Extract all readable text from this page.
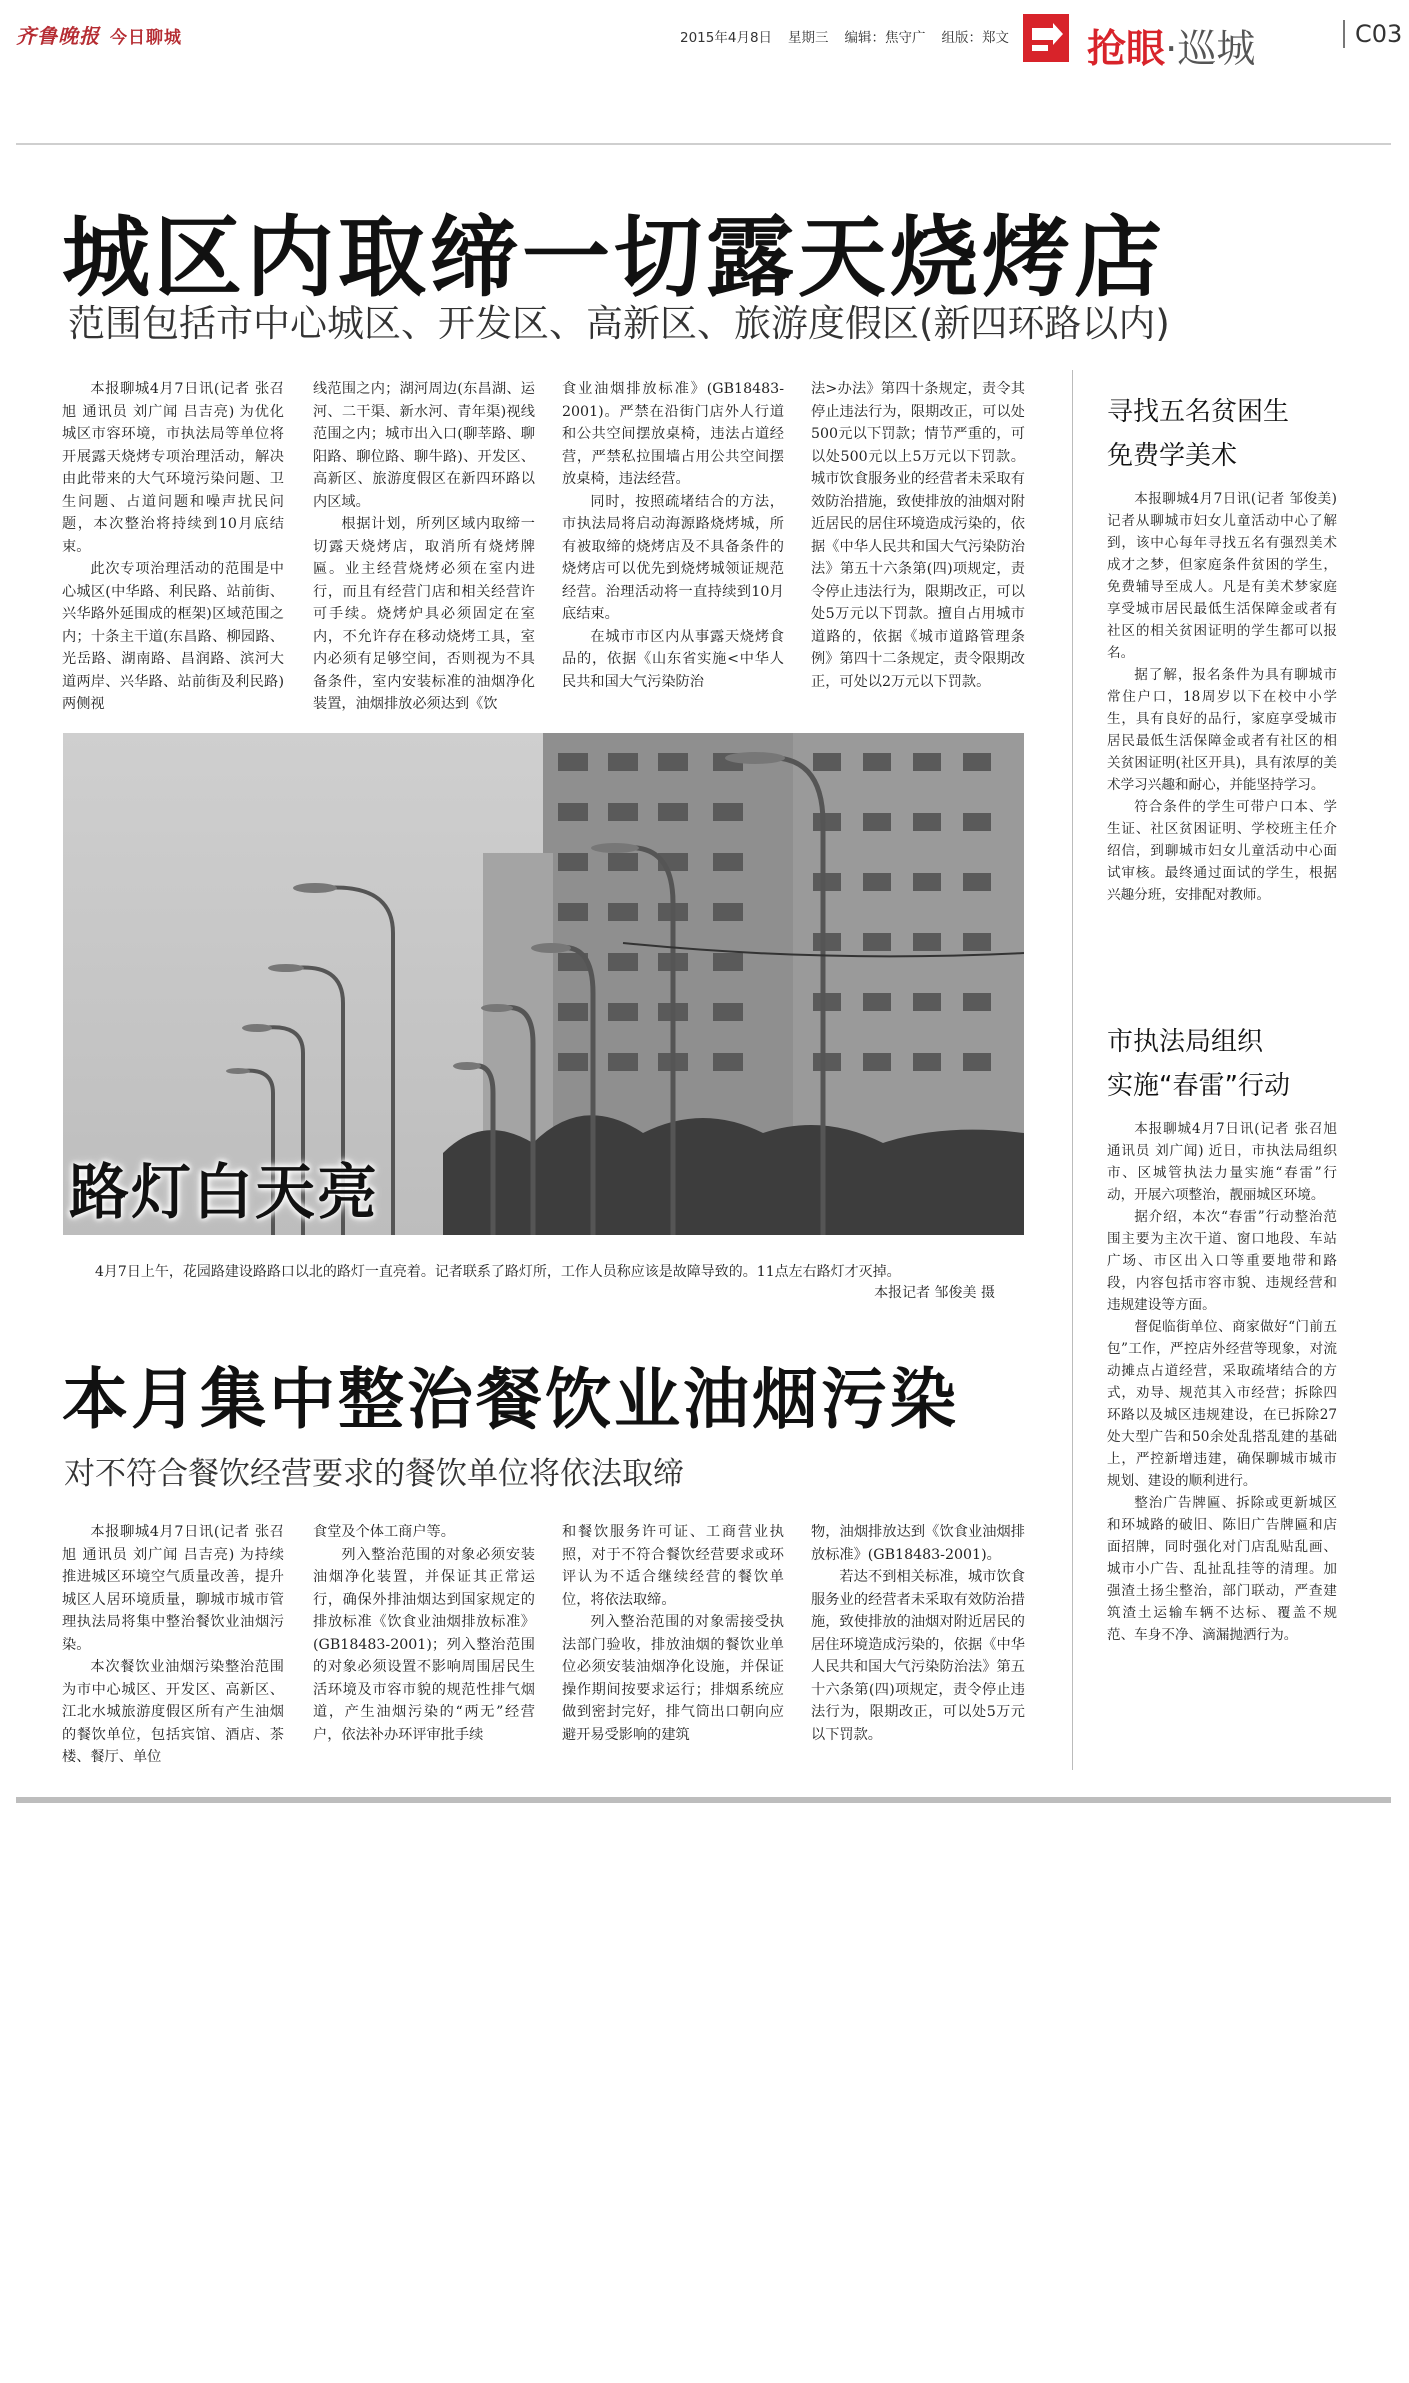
齐鲁晚报 今日聊城	2015年4月8日 星期三 编辑：焦守广 组版：郑文	抢眼·巡城	C03
城区内取缔一切露天烧烤店
范围包括市中心城区、开发区、高新区、旅游度假区(新四环路以内)
本报聊城4月7日讯(记者 张召旭 通讯员 刘广闻 吕吉亮) 为优化城区市容环境，市执法局等单位将开展露天烧烤专项治理活动，解决由此带来的大气环境污染问题、卫生问题、占道问题和噪声扰民问题，本次整治将持续到10月底结束。
此次专项治理活动的范围是中心城区(中华路、利民路、站前街、兴华路外延围成的框架)区域范围之内；十条主干道(东昌路、柳园路、光岳路、湖南路、昌润路、滨河大道两岸、兴华路、站前街及利民路)两侧视
线范围之内；湖河周边(东昌湖、运河、二干渠、新水河、青年渠)视线范围之内；城市出入口(聊莘路、聊阳路、聊位路、聊牛路)、开发区、高新区、旅游度假区在新四环路以内区域。
根据计划，所列区域内取缔一切露天烧烤店，取消所有烧烤牌匾。业主经营烧烤必须在室内进行，而且有经营门店和相关经营许可手续。烧烤炉具必须固定在室内，不允许存在移动烧烤工具，室内必须有足够空间，否则视为不具备条件，室内安装标准的油烟净化装置，油烟排放必须达到《饮
食业油烟排放标准》(GB18483-2001)。严禁在沿街门店外人行道和公共空间摆放桌椅，违法占道经营，严禁私拉围墙占用公共空间摆放桌椅，违法经营。
同时，按照疏堵结合的方法，市执法局将启动海源路烧烤城，所有被取缔的烧烤店及不具备条件的烧烤店可以优先到烧烤城领证规范经营。治理活动将一直持续到10月底结束。
在城市市区内从事露天烧烤食品的，依据《山东省实施<中华人民共和国大气污染防治
法>办法》第四十条规定，责令其停止违法行为，限期改正，可以处500元以下罚款；情节严重的，可以处500元以上5万元以下罚款。城市饮食服务业的经营者未采取有效防治措施，致使排放的油烟对附近居民的居住环境造成污染的，依据《中华人民共和国大气污染防治法》第五十六条第(四)项规定，责令停止违法行为，限期改正，可以处5万元以下罚款。擅自占用城市道路的，依据《城市道路管理条例》第四十二条规定，责令限期改正，可处以2万元以下罚款。
路灯白天亮
4月7日上午，花园路建设路路口以北的路灯一直亮着。记者联系了路灯所，工作人员称应该是故障导致的。11点左右路灯才灭掉。
本报记者 邹俊美 摄
本月集中整治餐饮业油烟污染
对不符合餐饮经营要求的餐饮单位将依法取缔
本报聊城4月7日讯(记者 张召旭 通讯员 刘广闻 吕吉亮) 为持续推进城区环境空气质量改善，提升城区人居环境质量，聊城市城市管理执法局将集中整治餐饮业油烟污染。
本次餐饮业油烟污染整治范围为市中心城区、开发区、高新区、江北水城旅游度假区所有产生油烟的餐饮单位，包括宾馆、酒店、茶楼、餐厅、单位
食堂及个体工商户等。
列入整治范围的对象必须安装油烟净化装置，并保证其正常运行，确保外排油烟达到国家规定的排放标准《饮食业油烟排放标准》(GB18483-2001)；列入整治范围的对象必须设置不影响周围居民生活环境及市容市貌的规范性排气烟道，产生油烟污染的“两无”经营户，依法补办环评审批手续
和餐饮服务许可证、工商营业执照，对于不符合餐饮经营要求或环评认为不适合继续经营的餐饮单位，将依法取缔。
列入整治范围的对象需接受执法部门验收，排放油烟的餐饮业单位必须安装油烟净化设施，并保证操作期间按要求运行；排烟系统应做到密封完好，排气筒出口朝向应避开易受影响的建筑
物，油烟排放达到《饮食业油烟排放标准》(GB18483-2001)。
若达不到相关标准，城市饮食服务业的经营者未采取有效防治措施，致使排放的油烟对附近居民的居住环境造成污染的，依据《中华人民共和国大气污染防治法》第五十六条第(四)项规定，责令停止违法行为，限期改正，可以处5万元以下罚款。
寻找五名贫困生
免费学美术
本报聊城4月7日讯(记者 邹俊美) 记者从聊城市妇女儿童活动中心了解到，该中心每年寻找五名有强烈美术成才之梦，但家庭条件贫困的学生，免费辅导至成人。凡是有美术梦家庭享受城市居民最低生活保障金或者有社区的相关贫困证明的学生都可以报名。
据了解，报名条件为具有聊城市常住户口，18周岁以下在校中小学生，具有良好的品行，家庭享受城市居民最低生活保障金或者有社区的相关贫困证明(社区开具)，具有浓厚的美术学习兴趣和耐心，并能坚持学习。
符合条件的学生可带户口本、学生证、社区贫困证明、学校班主任介绍信，到聊城市妇女儿童活动中心面试审核。最终通过面试的学生，根据兴趣分班，安排配对教师。
市执法局组织
实施“春雷”行动
本报聊城4月7日讯(记者 张召旭 通讯员 刘广闻) 近日，市执法局组织市、区城管执法力量实施“春雷”行动，开展六项整治，靓丽城区环境。
据介绍，本次“春雷”行动整治范围主要为主次干道、窗口地段、车站广场、市区出入口等重要地带和路段，内容包括市容市貌、违规经营和违规建设等方面。
督促临街单位、商家做好“门前五包”工作，严控店外经营等现象，对流动摊点占道经营，采取疏堵结合的方式，劝导、规范其入市经营；拆除四环路以及城区违规建设，在已拆除27处大型广告和50余处乱搭乱建的基础上，严控新增违建，确保聊城市城市规划、建设的顺利进行。
整治广告牌匾、拆除或更新城区和环城路的破旧、陈旧广告牌匾和店面招牌，同时强化对门店乱贴乱画、城市小广告、乱扯乱挂等的清理。加强渣土扬尘整治，部门联动，严查建筑渣土运输车辆不达标、覆盖不规范、车身不净、滴漏抛洒行为。
